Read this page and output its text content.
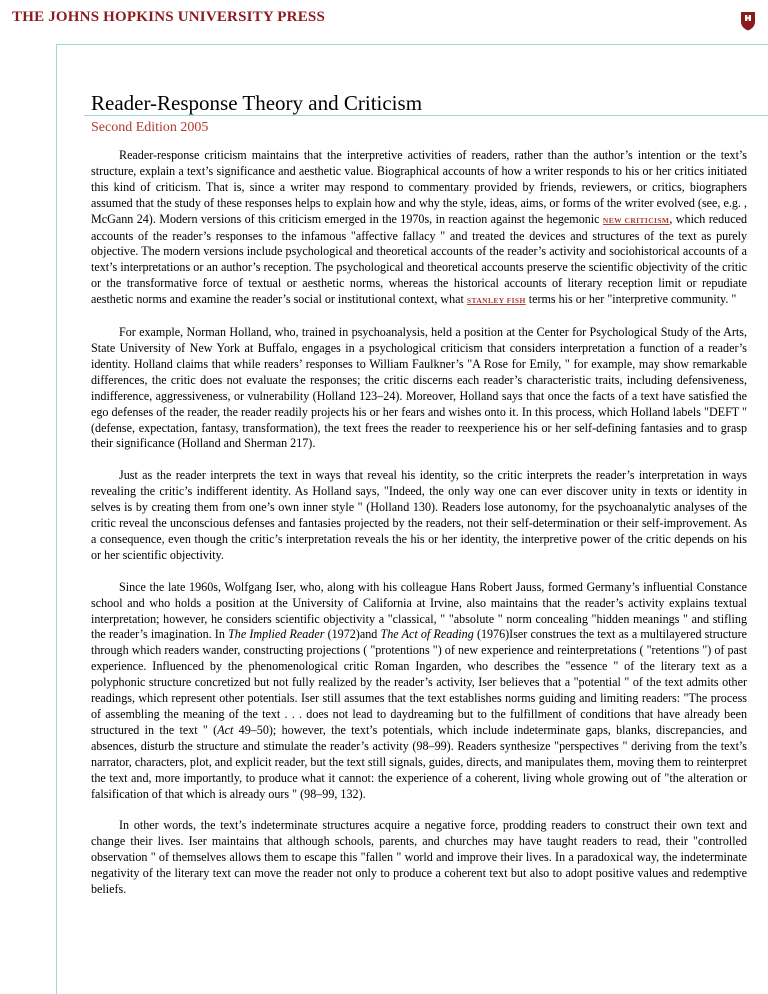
THE JOHNS HOPKINS UNIVERSITY PRESS
Reader-Response Theory and Criticism
Second Edition 2005

Reader-response criticism maintains that the interpretive activities of readers, rather than the author’s intention or the text’s structure, explain a text’s significance and aesthetic value. Biographical accounts of how a writer responds to his or her critics initiated this kind of criticism. That is, since a writer may respond to commentary provided by friends, reviewers, or critics, biographers assumed that the study of these responses helps to explain how and why the style, ideas, aims, or forms of the writer evolved (see, e.g. , McGann 24). Modern versions of this criticism emerged in the 1970s, in reaction against the hegemonic NEW CRITICISM, which reduced accounts of the reader’s responses to the infamous "affective fallacy " and treated the devices and structures of the text as purely objective. The modern versions include psychological and theoretical accounts of the reader’s activity and sociohistorical accounts of a text’s interpretations or an author’s reception. The psychological and theoretical accounts preserve the scientific objectivity of the critic or the transformative force of textual or aesthetic norms, whereas the historical accounts of literary reception limit or repudiate aesthetic norms and examine the reader’s social or institutional context, what STANLEY FISH terms his or her "interpretive community. "

For example, Norman Holland, who, trained in psychoanalysis, held a position at the Center for Psychological Study of the Arts, State University of New York at Buffalo, engages in a psychological criticism that considers interpretation a function of a reader’s identity. Holland claims that while readers’ responses to William Faulkner’s "A Rose for Emily, " for example, may show remarkable differences, the critic does not evaluate the responses; the critic discerns each reader’s characteristic traits, including defensiveness, indifference, aggressiveness, or vulnerability (Holland 123–24). Moreover, Holland says that once the facts of a text have satisfied the ego defenses of the reader, the reader readily projects his or her fears and wishes onto it. In this process, which Holland labels "DEFT " (defense, expectation, fantasy, transformation), the text frees the reader to reexperience his or her self-defining fantasies and to grasp their significance (Holland and Sherman 217).

Just as the reader interprets the text in ways that reveal his identity, so the critic interprets the reader’s interpretation in ways revealing the critic’s indifferent identity. As Holland says, "Indeed, the only way one can ever discover unity in texts or identity in selves is by creating them from one’s own inner style " (Holland 130). Readers lose autonomy, for the psychoanalytic analyses of the critic reveal the unconscious defenses and fantasies projected by the readers, not their self-determination or their self-improvement. As a consequence, even though the critic’s interpretation reveals the his or her identity, the interpretive power of the critic depends on his or her scientific objectivity.

Since the late 1960s, Wolfgang Iser, who, along with his colleague Hans Robert Jauss, formed Germany’s influential Constance school and who holds a position at the University of California at Irvine, also maintains that the reader’s activity explains textual interpretation; however, he considers scientific objectivity a "classical, " "absolute " norm concealing "hidden meanings " and stifling the reader’s imagination. In The Implied Reader (1972)and The Act of Reading (1976)Iser construes the text as a multilayered structure through which readers wander, constructing projections ( "protentions ") of new experience and reinterpretations ( "retentions ") of past experience. Influenced by the phenomenological critic Roman Ingarden, who describes the "essence " of the literary text as a polyphonic structure concretized but not fully realized by the reader’s activity, Iser believes that a "potential " of the text admits other readings, which represent other potentials. Iser still assumes that the text establishes norms guiding and limiting readers: "The process of assembling the meaning of the text . . . does not lead to daydreaming but to the fulfillment of conditions that have already been structured in the text " (Act 49–50); however, the text’s potentials, which include indeterminate gaps, blanks, discrepancies, and absences, disturb the structure and stimulate the reader’s activity (98–99). Readers synthesize "perspectives " deriving from the text’s narrator, characters, plot, and explicit reader, but the text still signals, guides, directs, and manipulates them, moving them to reinterpret the text and, more importantly, to produce what it cannot: the experience of a coherent, living whole growing out of "the alteration or falsification of that which is already ours " (98–99, 132).

In other words, the text’s indeterminate structures acquire a negative force, prodding readers to construct their own text and change their lives. Iser maintains that although schools, parents, and churches may have taught readers to read, their "controlled observation " of themselves allows them to escape this "fallen " world and improve their lives. In a paradoxical way, the indeterminate negativity of the literary text can move the reader not only to produce a coherent text but also to adopt positive values and redemptive beliefs.
